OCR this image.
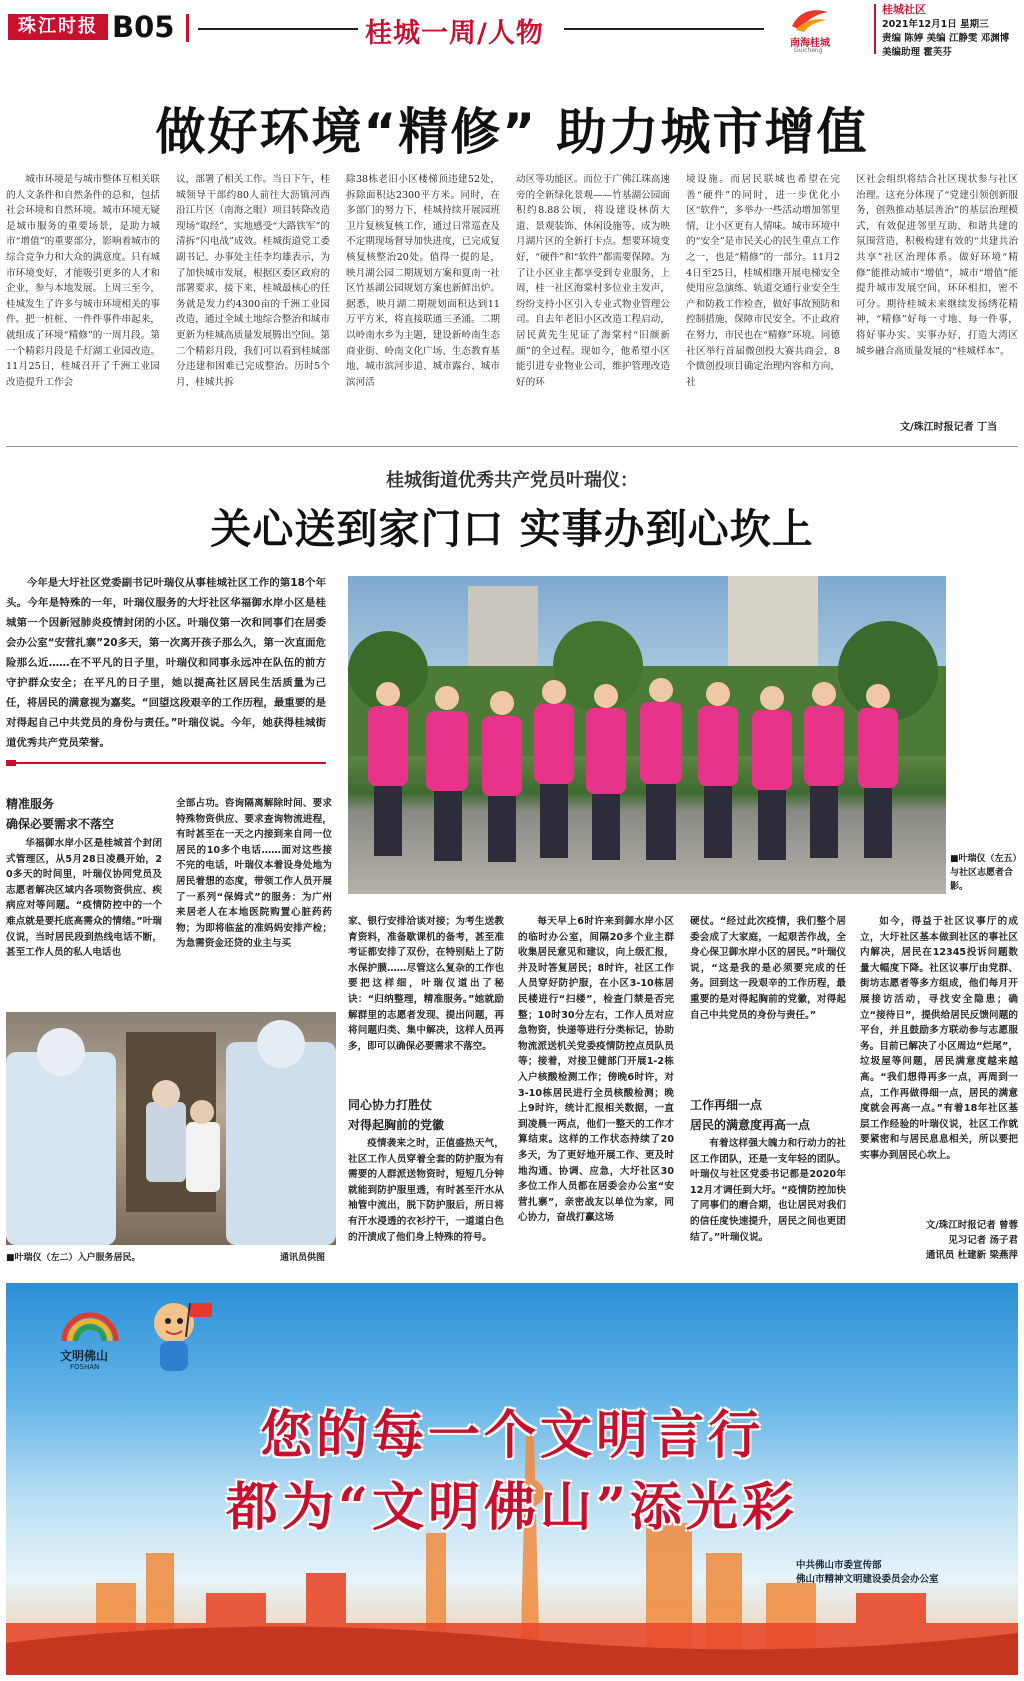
珠江时报 B05	桂城一周/人物	南海桂城
Guicheng
桂城社区
2021年12月1日 星期三
责编 陈婷 美编 江静雯 邓渊博
美编助理 霍芙芬
做好环境“精修” 助力城市增值

城市环境是与城市整体互相关联的人文条件和自然条件的总和，包括社会环境和自然环境。城市环境无疑是城市服务的重要场景，是助力城市“增值”的重要部分，影响着城市的综合竞争力和大众的满意度。只有城市环境变好，才能吸引更多的人才和企业，参与本地发展。上周三至今，桂城发生了许多与城市环境相关的事件。把一桩桩、一件件事件串起来，就组成了环境“精修”的一周月段。第一个精彩月段是千灯湖工业园改造。11月25日，桂城召开了千洲工业园改造提升工作会

议，部署了相关工作。当日下午，桂城领导干部约80人前往大沥镇河西沿江片区（南海之眼）项目转降改造现场“取经”，实地感受“大路铁军”的清拆“闪电战”成效。桂城街道党工委副书记、办事处主任李均雄表示，为了加快城市发展，根据区委区政府的部署要求，接下来，桂城最核心的任务就是发力约4300亩的千洲工业园改造，通过全域土地综合整治和城市更新为桂城高质量发展腾出空间。第二个精彩月段，我们可以看到桂城部分违建和困难已完成整治。历时5个月，桂城共拆

除38栋老旧小区楼梯顶违建52处，拆除面积达2300平方米。同时，在多部门的努力下，桂城持续开展园班卫片复核复核工作，通过日常巡查及不定期现场督导加快进度，已完成复核复核整治20处。值得一提的是，映月湖公园二期规划方案和夏南一社区竹基湖公园规划方案也新鲜出炉。据悉，映月湖二期规划面积达到11万平方米，将直接联通三圣涌。二期以岭南水乡为主题，建设新岭南生态商业街、岭南文化广场、生态教育基地、城市滨河步道、城市露台、城市滨河活

动区等功能区。而位于广佛江珠高速旁的全新绿化景观——竹基湖公园面积约8.88公顷，将设建设林荫大道、景观装饰、休闲设施等，成为映月湖片区的全新打卡点。想要环境变好，“硬件”和“软件”都需要保障。为了让小区业主都享受到专业服务，上周，桂一社区海棠村多位业主发声，纷纷支持小区引入专业式物业管理公司。自去年老旧小区改造工程启动，居民黄先生见证了海棠村“旧颜新颜”的全过程。现如今，他希望小区能引进专业物业公司，维护管理改造好的环

境设施。而居民联城也希望在完善“硬件”的同时，进一步优化小区“软件”，多举办一些活动增加邻里情，让小区更有人情味。城市环境中的“安全”是市民关心的民生重点工作之一，也是“精修”的一部分。11月24日至25日，桂城相继开展电梯安全使用应急演练、轨道交通行业安全生产和防救工作检查，做好事故预防和控制措施，保障市民安全。不止政府在努力，市民也在“精修”环境。同德社区举行首届微创投大赛共商会，8个微创投项目确定治理内容和方向，社

区社会组织将结合社区现状参与社区治理。这充分体现了“党建引领创新服务，创熟推动基层善治”的基层治理模式，有效促进邻里互助、和谐共建的氛围营造，积极构建有效的“共建共治共享”社区治理体系。做好环境“精修”能推动城市“增值”，城市“增值”能提升城市发展空间，环环相扣，密不可分。期待桂城未来继续发扬绣花精神，“精修”好每一寸地、每一件事，将好事办实、实事办好，打造大湾区城乡融合高质量发展的“桂城样本”。

文/珠江时报记者 丁当
桂城街道优秀共产党员叶瑞仪：
关心送到家门口 实事办到心坎上

今年是大圩社区党委副书记叶瑞仪从事桂城社区工作的第18个年头。今年是特殊的一年，叶瑞仪服务的大圩社区华福御水岸小区是桂城第一个因新冠肺炎疫情封闭的小区。叶瑞仪第一次和同事们在居委会办公室“安营扎寨”20多天，第一次离开孩子那么久，第一次直面危险那么近……在不平凡的日子里，叶瑞仪和同事永远冲在队伍的前方守护群众安全；在平凡的日子里，她以提高社区居民生活质量为己任，将居民的满意视为嘉奖。“回望这段艰辛的工作历程，最重要的是对得起自己中共党员的身份与责任。”叶瑞仪说。今年，她获得桂城街道优秀共产党员荣誉。

■叶瑞仪（左五）与社区志愿者合影。
精准服务
确保必要需求不落空

华福御水岸小区是桂城首个封闭式管理区，从5月28日凌晨开始，20多天的时间里，叶瑞仪协同党员及志愿者解决区域内各项物资供应、疾病应对等问题。“疫情防控中的一个难点就是要托底高需众的情绪。”叶瑞仪说，当时居民段到热线电话不断，甚至工作人员的私人电话也

全部占功。咨询隔离解除时间、要求特殊物资供应、要求查询物流进程，有时甚至在一天之内接到来自同一位居民的10多个电话……面对这些接不完的电话，叶瑞仪本着设身处地为居民着想的态度，带领工作人员开展了一系列“保姆式”的服务：为广州来居老人在本地医院购置心脏药药物；为即将临盆的准妈妈安排产检；为急需资金还贷的业主与买

■叶瑞仪（左二）入户服务居民。	通讯员供图

家、银行安排洽谈对接；为考生送教育资料，准备歇课机的备考，甚至准考证都安排了双份，在特别贴上了防水保护膜……尽管这么复杂的工作也要把这样细，叶瑞仪道出了秘诀：“归纳整理，精准服务。”她就励解群里的志愿者发现、提出问题，再将问题归类、集中解决，这样人员再多，即可以确保必要需求不落空。

同心协力打胜仗
对得起胸前的党徽

疫情袭来之时，正值盛热天气，社区工作人员穿着全套的防护服为有需要的人群派送物资时，短短几分钟就能到防护服里透，有时甚至汗水从袖管中流出，脱下防护服后，所日将有汗水浸透的衣衫拧干，一道道白色的汗渍成了他们身上特殊的符号。

每天早上6时许来到御水岸小区的临时办公室，间隔20多个业主群收集居民意见和建议，向上级汇报，并及时答复居民；8时许，社区工作人员穿好防护服，在小区3-10栋居民楼进行“扫楼”，检查门禁是否完整；10时30分左右，工作人员对应急物资，快递等进行分类标记，协助物流派送机关党委疫情防控点员队员等；接着，对接卫健部门开展1-2栋入户核酸检测工作；傍晚6时许，对3-10栋居民进行全员核酸检测；晚上9时许，统计汇报相关数据，一直到凌晨一两点，他们一整天的工作才算结束。这样的工作状态持续了20多天，为了更好地开展工作、更及时地沟通、协调、应急，大圩社区30多位工作人员都在居委会办公室“安营扎寨”，亲密战友以单位为家，同心协力，奋战打赢这场

硬仗。“经过此次疫情，我们整个居委会成了大家庭，一起艰苦作战，全身心保卫御水岸小区的居民。”叶瑞仪说，“这是我的是必须要完成的任务。回到这一段艰辛的工作历程，最重要的是对得起胸前的党徽，对得起自己中共党员的身份与责任。”

工作再细一点
居民的满意度再高一点

有着这样强大魄力和行动力的社区工作团队，还是一支年轻的团队。叶瑞仪与社区党委书记都是2020年12月才调任到大圩。“疫情防控加快了同事们的磨合期，也让居民对我们的信任度快速提升，居民之间也更团结了。”叶瑞仪说。

如今，得益于社区议事厅的成立，大圩社区基本做到社区的事社区内解决，居民在12345投诉问题数量大幅度下降。社区议事厅由党群、街坊志愿者等多方组成，他们每月开展接访活动，寻找安全隐患；确立“接待日”，提供给居民反馈问题的平台，并且鼓励多方联动参与志愿服务。目前已解决了小区周边“烂尾”，垃圾屋等问题，居民满意度越来越高。“我们想得再多一点，再周到一点，工作再做得细一点，居民的满意度就会再高一点。”有着18年社区基层工作经验的叶瑞仪说，社区工作就要紧密和与居民息息相关，所以要把实事办到居民心坎上。

文/珠江时报记者 曾蓉
见习记者 汤子君
通讯员 杜建新 梁燕萍
文明佛山
FOSHAN
您的每一个文明言行
都为“文明佛山”添光彩
中共佛山市委宣传部
佛山市精神文明建设委员会办公室
